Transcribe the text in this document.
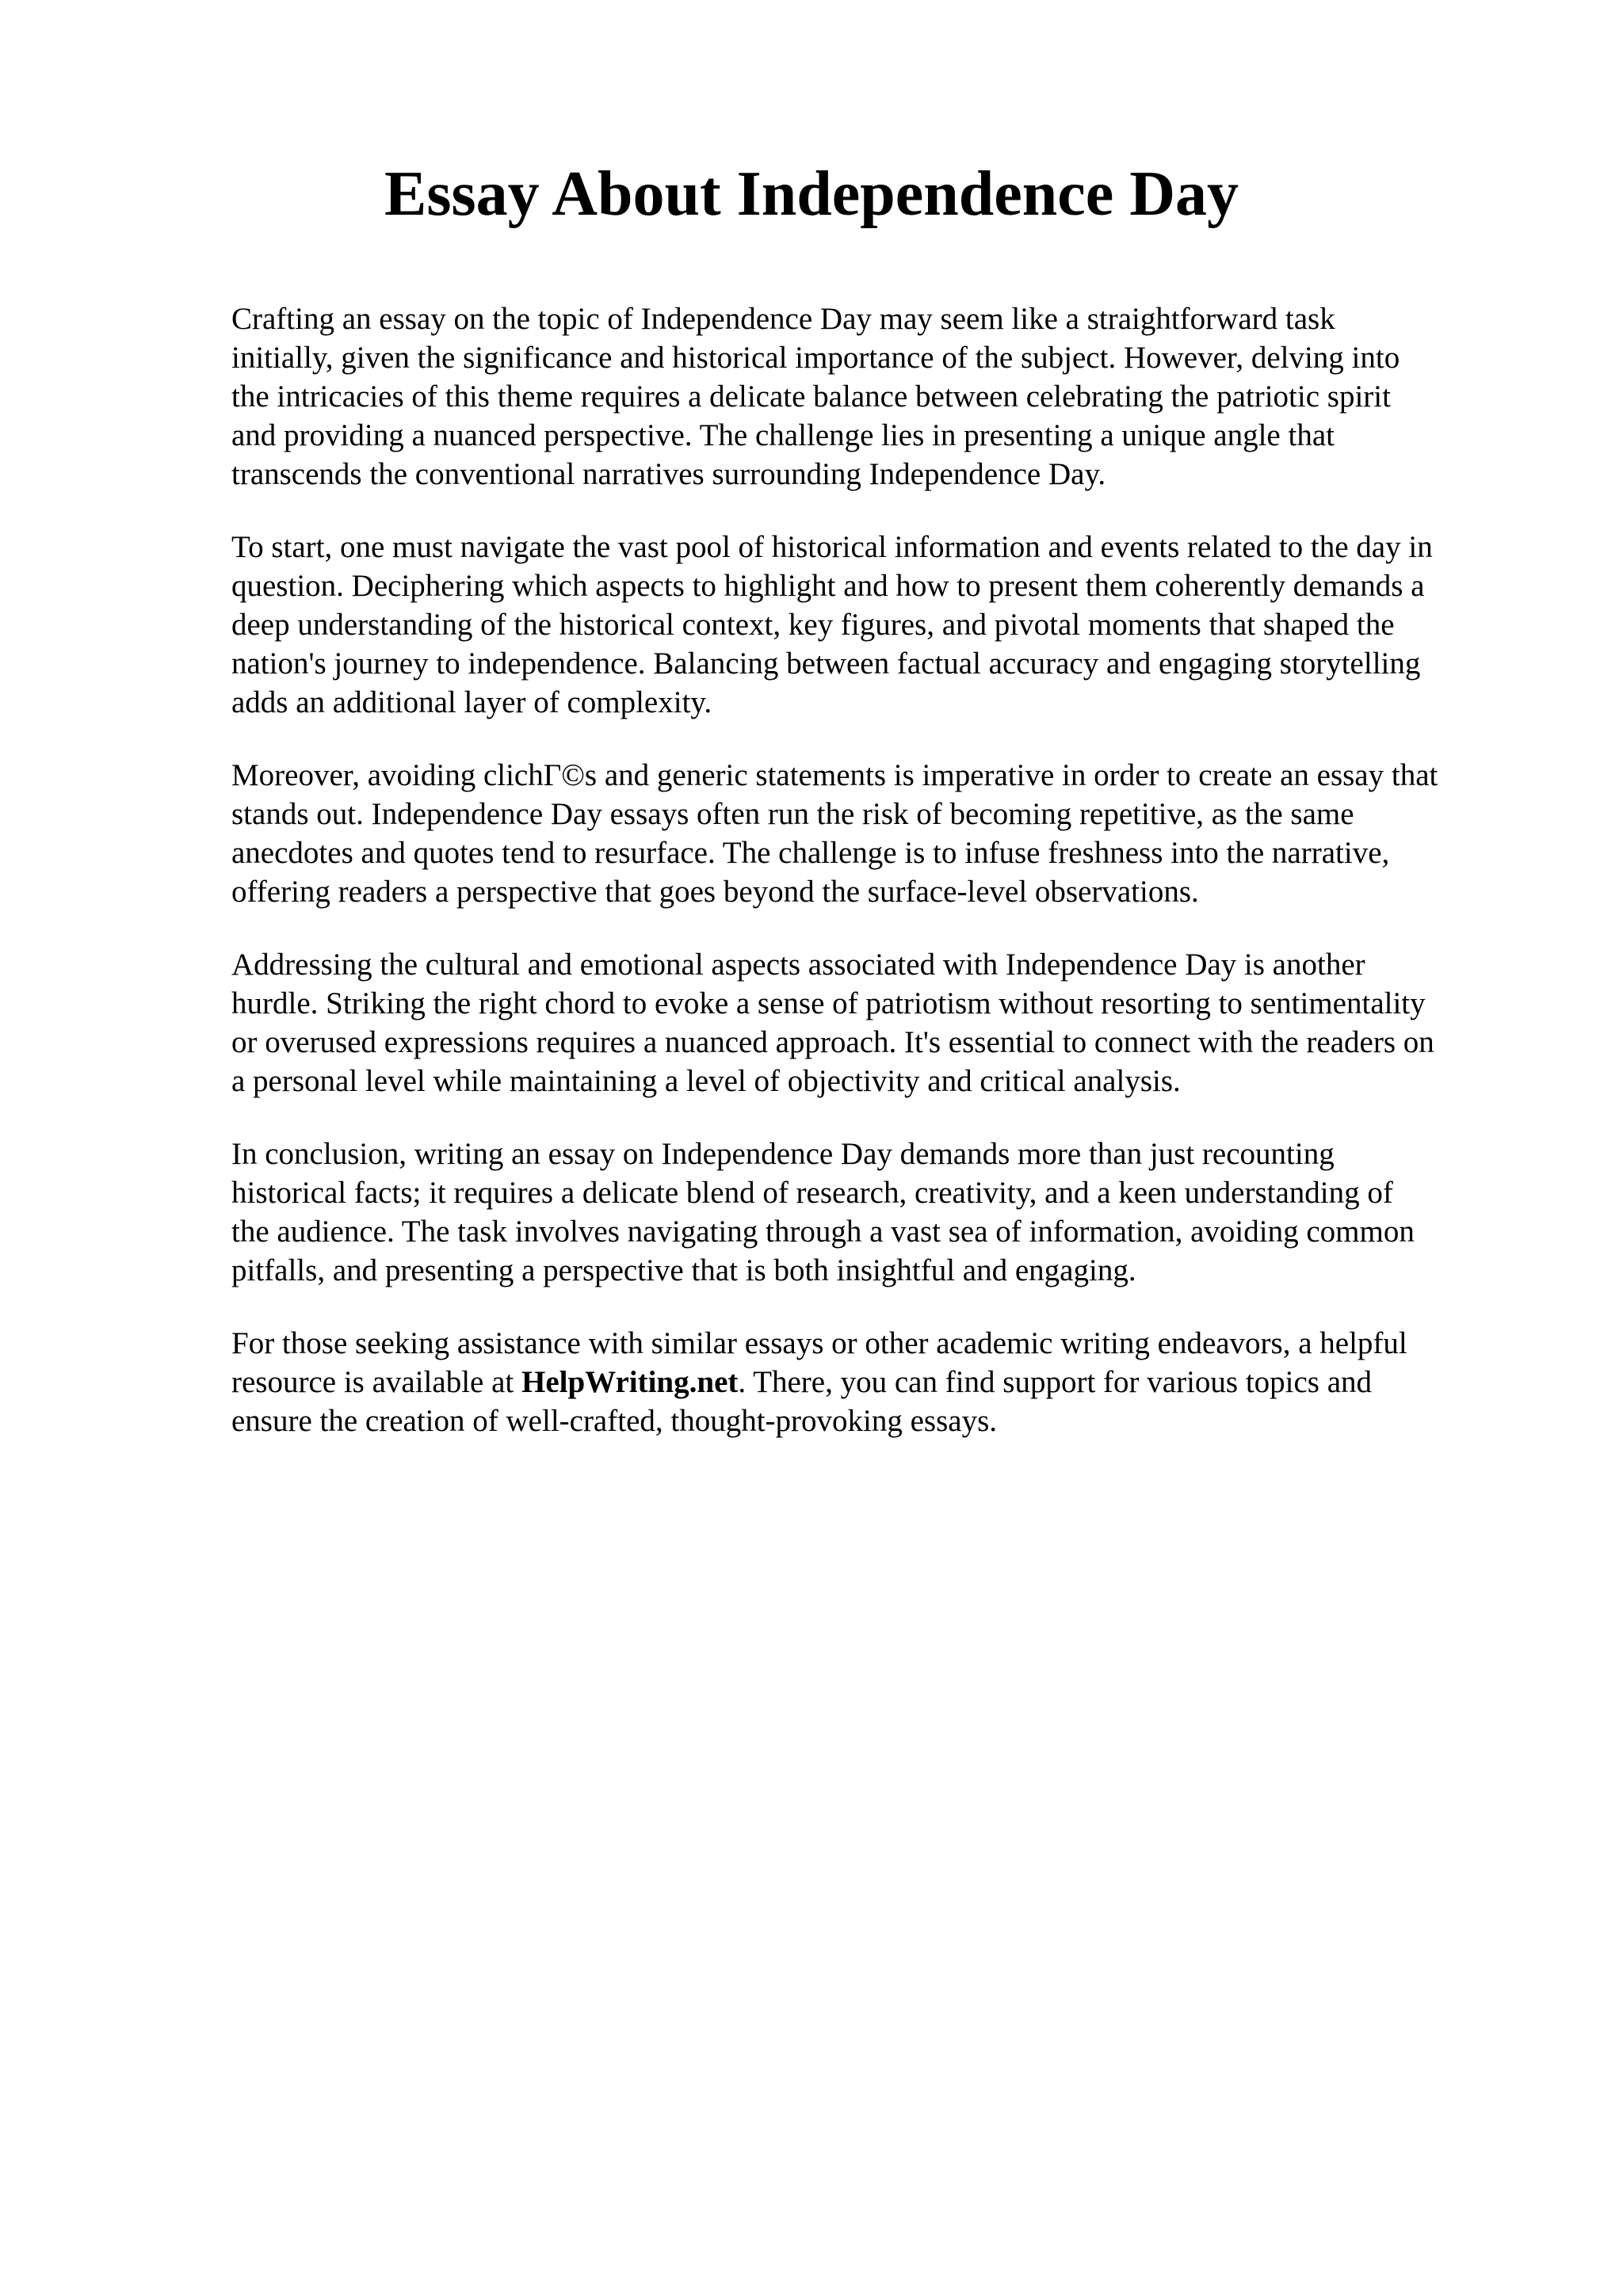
Essay About Independence Day

Crafting an essay on the topic of Independence Day may seem like a straightforward task
initially, given the significance and historical importance of the subject. However, delving into
the intricacies of this theme requires a delicate balance between celebrating the patriotic spirit
and providing a nuanced perspective. The challenge lies in presenting a unique angle that
transcends the conventional narratives surrounding Independence Day.

To start, one must navigate the vast pool of historical information and events related to the day in
question. Deciphering which aspects to highlight and how to present them coherently demands a
deep understanding of the historical context, key figures, and pivotal moments that shaped the
nation's journey to independence. Balancing between factual accuracy and engaging storytelling
adds an additional layer of complexity.

Moreover, avoiding clichГ©s and generic statements is imperative in order to create an essay that
stands out. Independence Day essays often run the risk of becoming repetitive, as the same
anecdotes and quotes tend to resurface. The challenge is to infuse freshness into the narrative,
offering readers a perspective that goes beyond the surface-level observations.

Addressing the cultural and emotional aspects associated with Independence Day is another
hurdle. Striking the right chord to evoke a sense of patriotism without resorting to sentimentality
or overused expressions requires a nuanced approach. It's essential to connect with the readers on
a personal level while maintaining a level of objectivity and critical analysis.

In conclusion, writing an essay on Independence Day demands more than just recounting
historical facts; it requires a delicate blend of research, creativity, and a keen understanding of
the audience. The task involves navigating through a vast sea of information, avoiding common
pitfalls, and presenting a perspective that is both insightful and engaging.

For those seeking assistance with similar essays or other academic writing endeavors, a helpful
resource is available at HelpWriting.net. There, you can find support for various topics and
ensure the creation of well-crafted, thought-provoking essays.
